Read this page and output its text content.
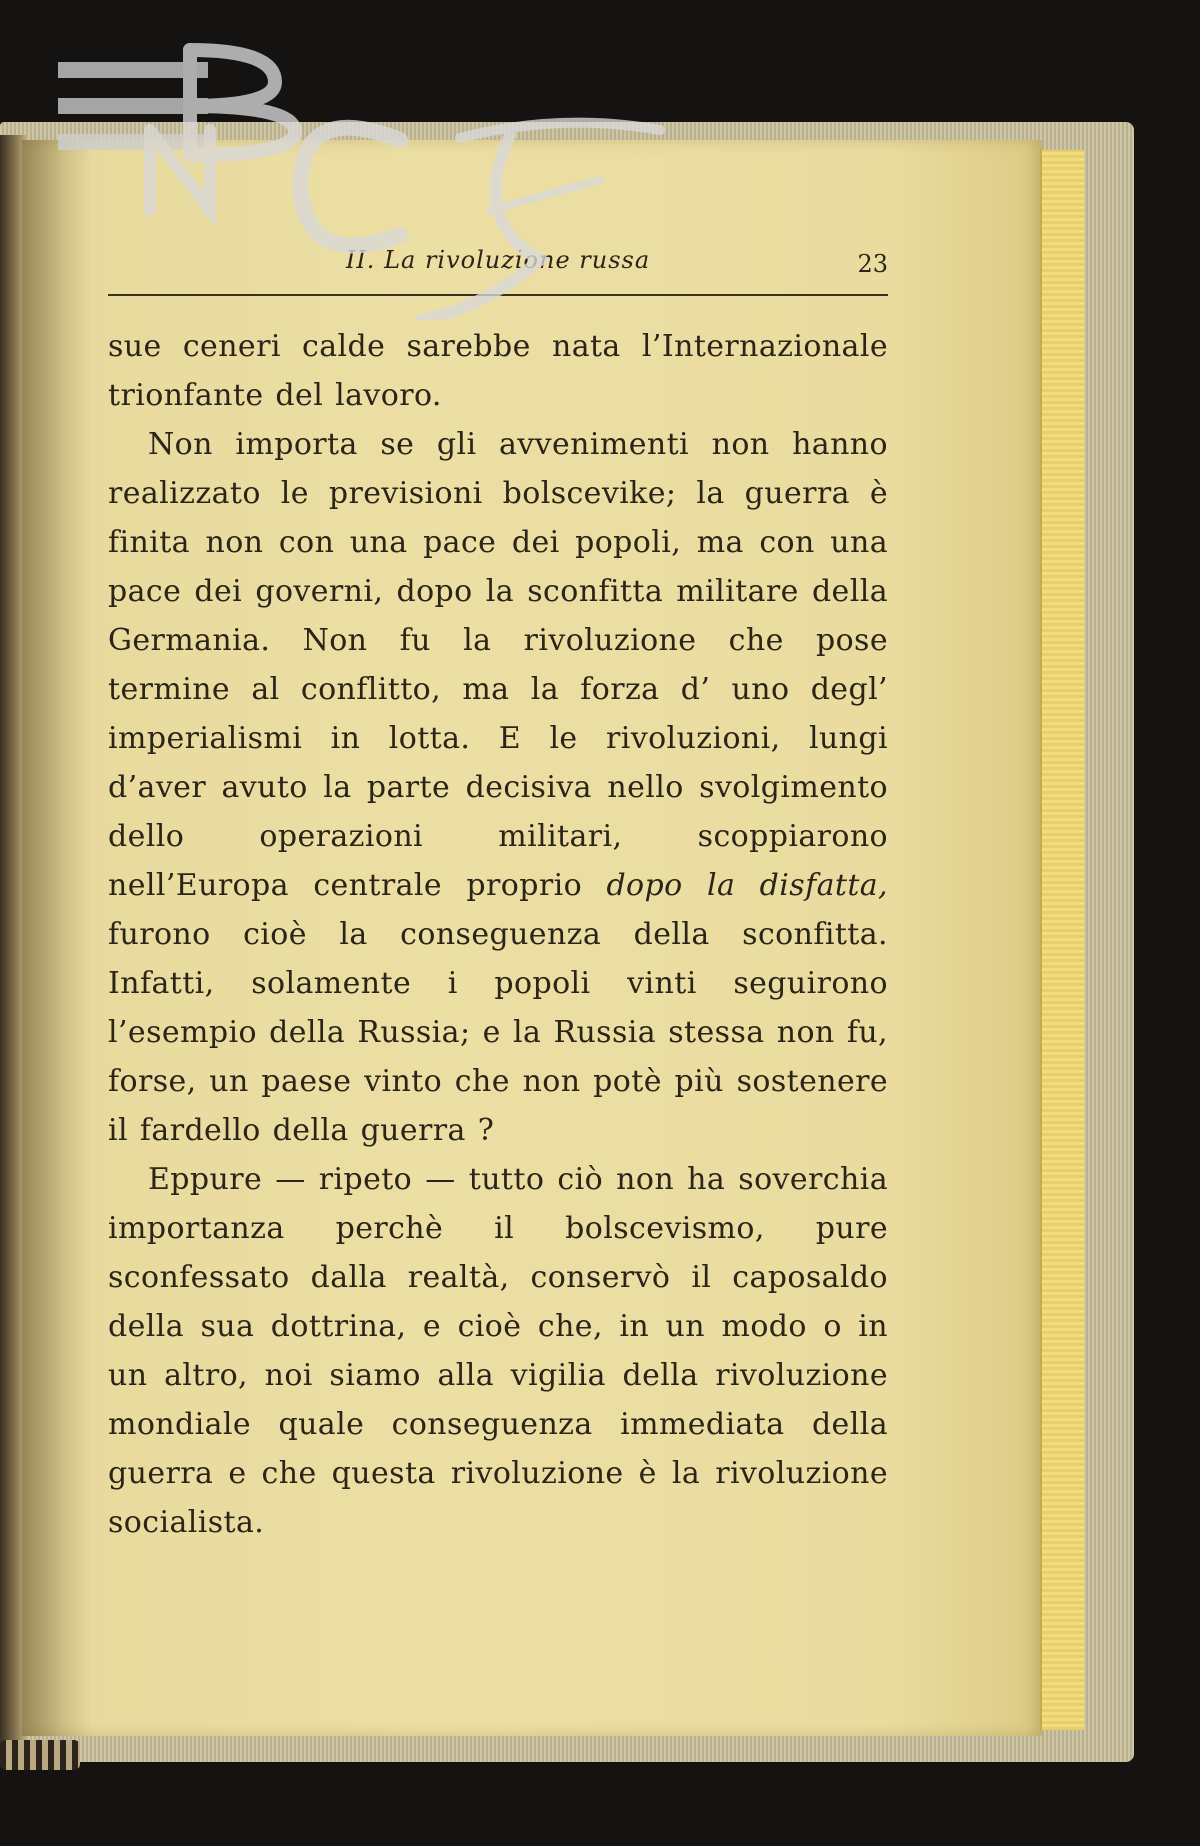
II. La rivoluzione russa	23

sue ceneri calde sarebbe nata l’Internazionale trionfante del lavoro.

Non importa se gli avvenimenti non hanno realizzato le previsioni bolscevike; la guerra è finita non con una pace dei popoli, ma con una pace dei governi, dopo la sconfitta militare della Germania. Non fu la rivoluzione che pose termine al conflitto, ma la forza d’ uno degl’ imperialismi in lotta. E le rivoluzioni, lungi d’aver avuto la parte decisiva nello svolgimento dello operazioni militari, scoppiarono nell’Europa centrale proprio dopo la disfatta, furono cioè la conseguenza della sconfitta. Infatti, solamente i popoli vinti seguirono l’esempio della Russia; e la Russia stessa non fu, forse, un paese vinto che non potè più sostenere il fardello della guerra ?

Eppure — ripeto — tutto ciò non ha soverchia importanza perchè il bolscevismo, pure sconfessato dalla realtà, conservò il caposaldo della sua dottrina, e cioè che, in un modo o in un altro, noi siamo alla vigilia della rivoluzione mondiale quale conseguenza immediata della guerra e che questa rivoluzione è la rivoluzione socialista.
